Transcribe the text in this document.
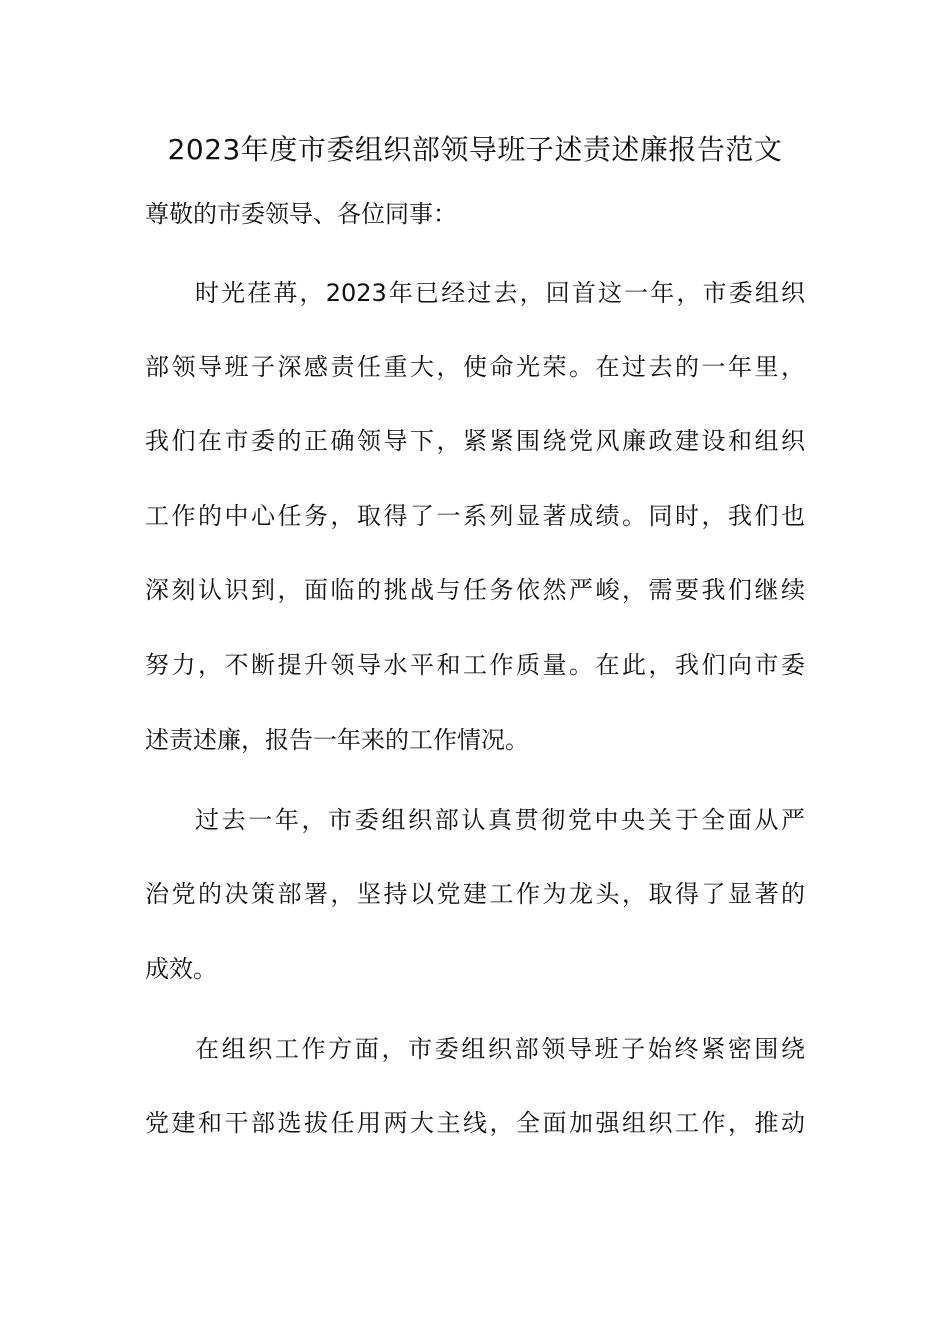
2023年度市委组织部领导班子述责述廉报告范文
尊敬的市委领导、各位同事：
时光荏苒，2023年已经过去，回首这一年，市委组织
部领导班子深感责任重大，使命光荣。在过去的一年里，
我们在市委的正确领导下，紧紧围绕党风廉政建设和组织
工作的中心任务，取得了一系列显著成绩。同时，我们也
深刻认识到，面临的挑战与任务依然严峻，需要我们继续
努力，不断提升领导水平和工作质量。在此，我们向市委
述责述廉，报告一年来的工作情况。
过去一年，市委组织部认真贯彻党中央关于全面从严
治党的决策部署，坚持以党建工作为龙头，取得了显著的
成效。
在组织工作方面，市委组织部领导班子始终紧密围绕
党建和干部选拔任用两大主线，全面加强组织工作，推动
